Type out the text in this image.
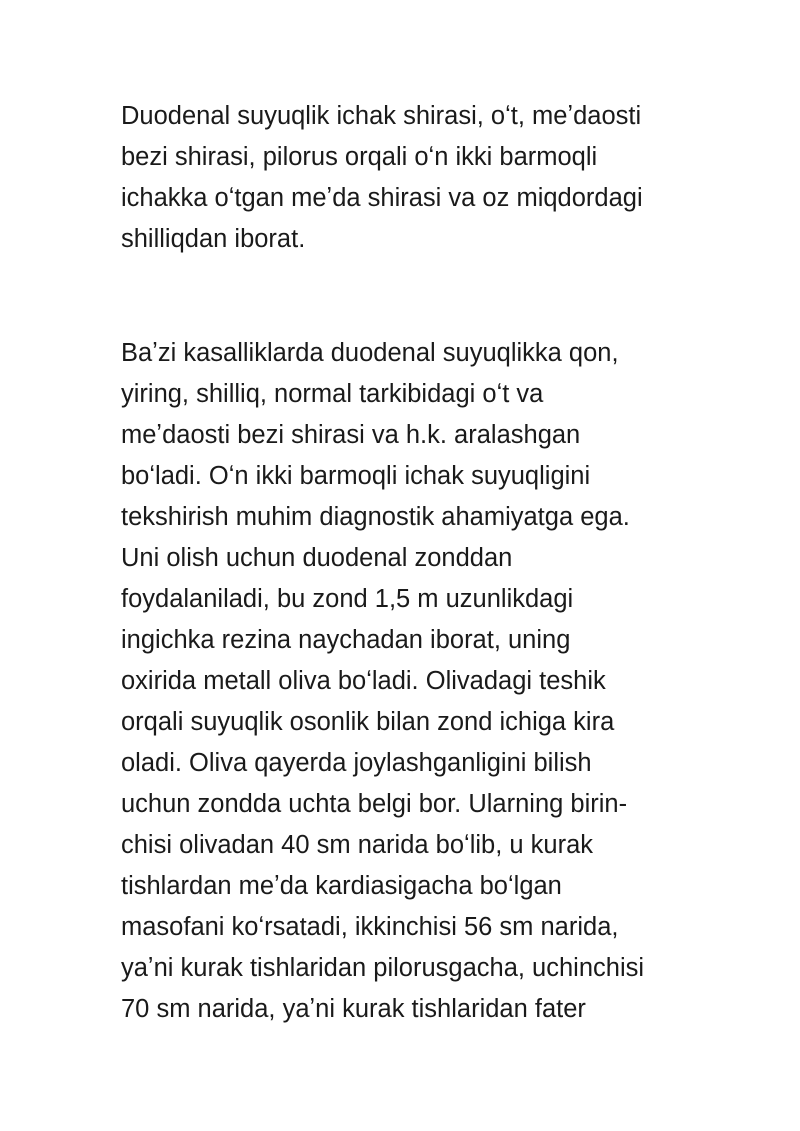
Duodenal suyuqlik ichak shirasi, oʻt, meʼdaosti
bezi shirasi, pilorus orqali oʻn ikki barmoqli
ichakka oʻtgan meʼda shirasi va oz miqdordagi
shilliqdan iborat.
Baʼzi kasalliklarda duodenal suyuqlikka qon,
yiring, shilliq, normal tarkibidagi oʻt va
meʼdaosti bezi shirasi va h.k. aralashgan
boʻladi. Oʻn ikki barmoqli ichak suyuqligini
tekshirish muhim diagnostik ahamiyatga ega.
Uni olish uchun duodenal zonddan
foydalaniladi, bu zond 1,5 m uzunlikdagi
ingichka rezina naychadan iborat, uning
oxirida metall oliva boʻladi. Olivadagi teshik
orqali suyuqlik osonlik bilan zond ichiga kira
oladi. Oliva qayerda joylashganligini bilish
uchun zondda uchta belgi bor. Ularning birin-
chisi olivadan 40 sm narida boʻlib, u kurak
tishlardan meʼda kardiasigacha boʻlgan
masofani koʻrsatadi, ikkinchisi 56 sm narida,
yaʼni kurak tishlaridan pilorusgacha, uchinchisi
70 sm narida, yaʼni kurak tishlaridan fater
